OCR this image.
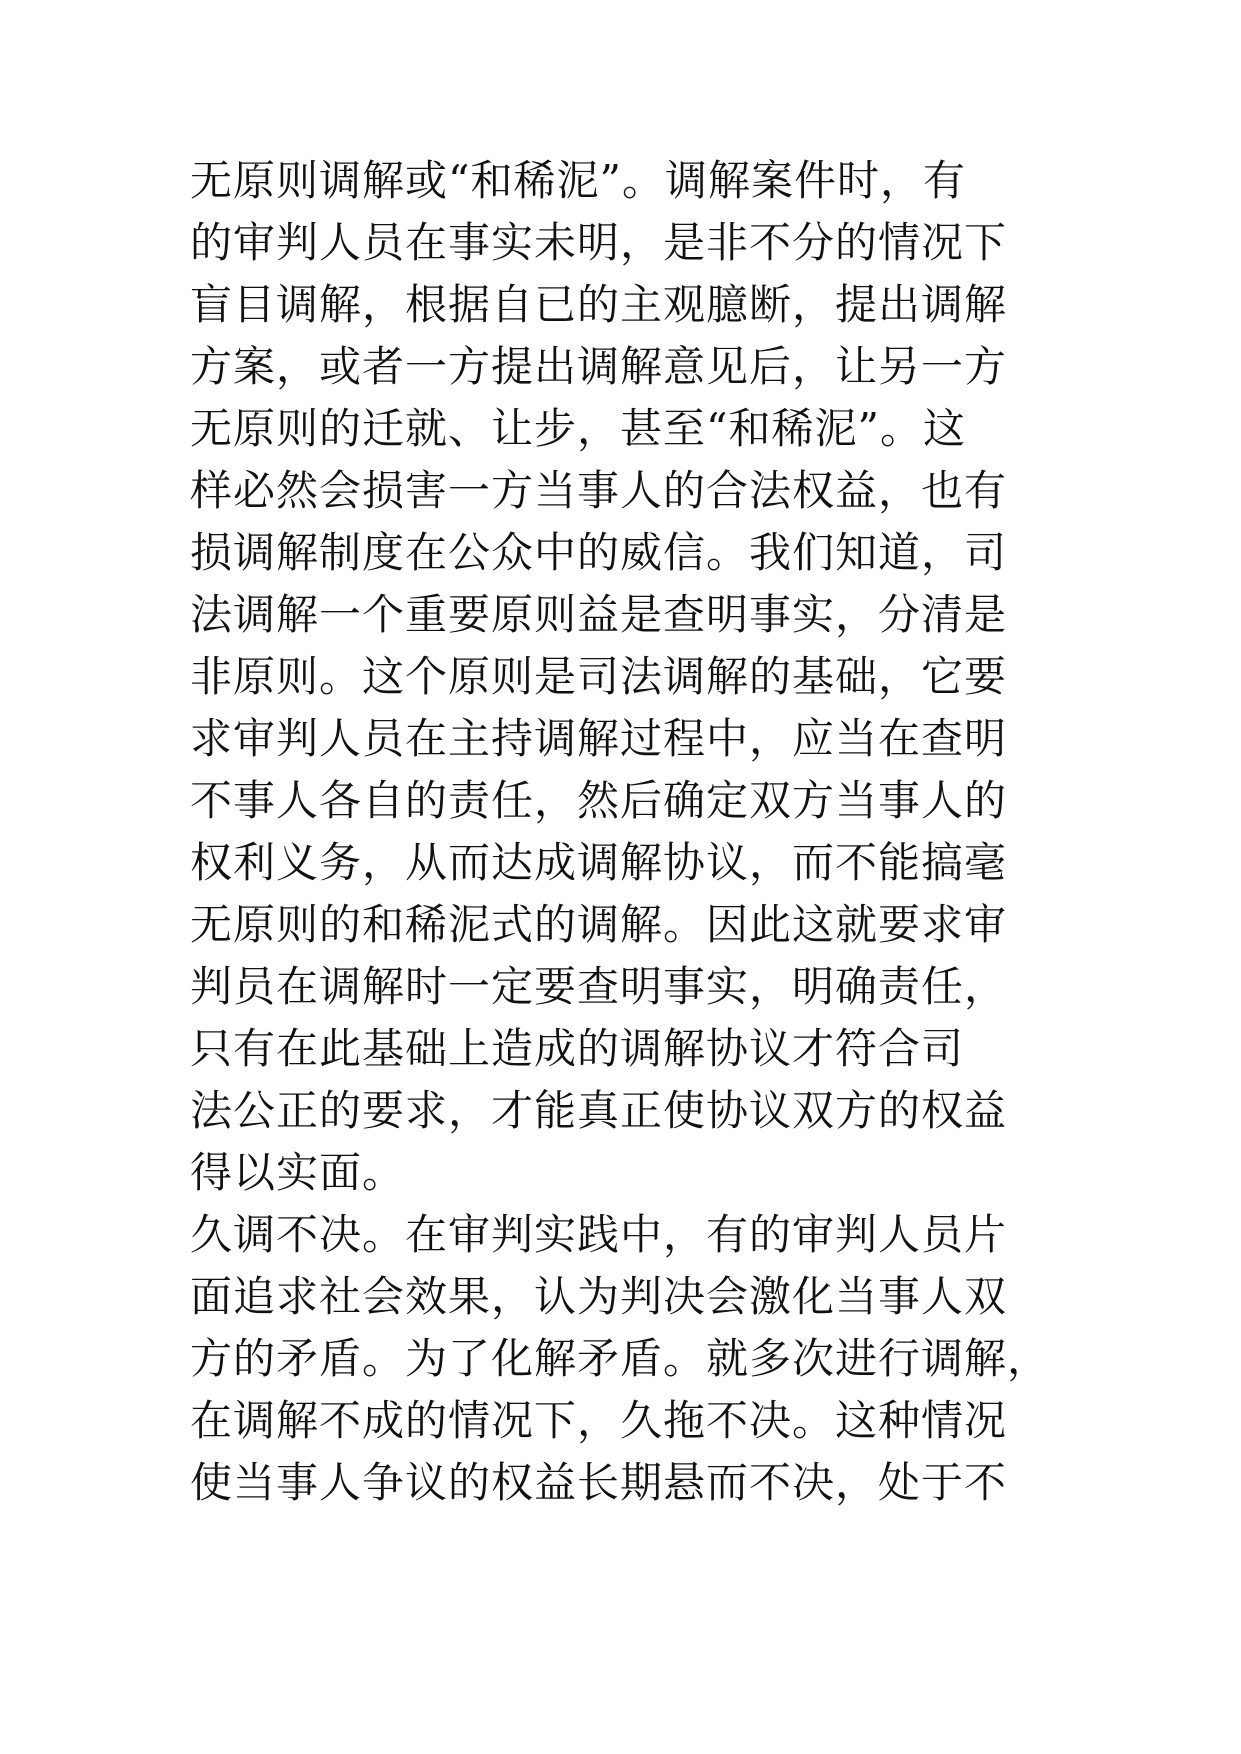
无原则调解或“和稀泥”。调解案件时，有
的审判人员在事实未明，是非不分的情况下
盲目调解，根据自已的主观臆断，提出调解
方案，或者一方提出调解意见后，让另一方
无原则的迁就、让步，甚至“和稀泥”。这
样必然会损害一方当事人的合法权益，也有
损调解制度在公众中的威信。我们知道，司
法调解一个重要原则益是查明事实，分清是
非原则。这个原则是司法调解的基础，它要
求审判人员在主持调解过程中，应当在查明
不事人各自的责任，然后确定双方当事人的
权利义务，从而达成调解协议，而不能搞毫
无原则的和稀泥式的调解。因此这就要求审
判员在调解时一定要查明事实，明确责任，
只有在此基础上造成的调解协议才符合司
法公正的要求，才能真正使协议双方的权益
得以实面。
久调不决。在审判实践中，有的审判人员片
面追求社会效果，认为判决会激化当事人双
方的矛盾。为了化解矛盾。就多次进行调解，
在调解不成的情况下，久拖不决。这种情况
使当事人争议的权益长期悬而不决，处于不
